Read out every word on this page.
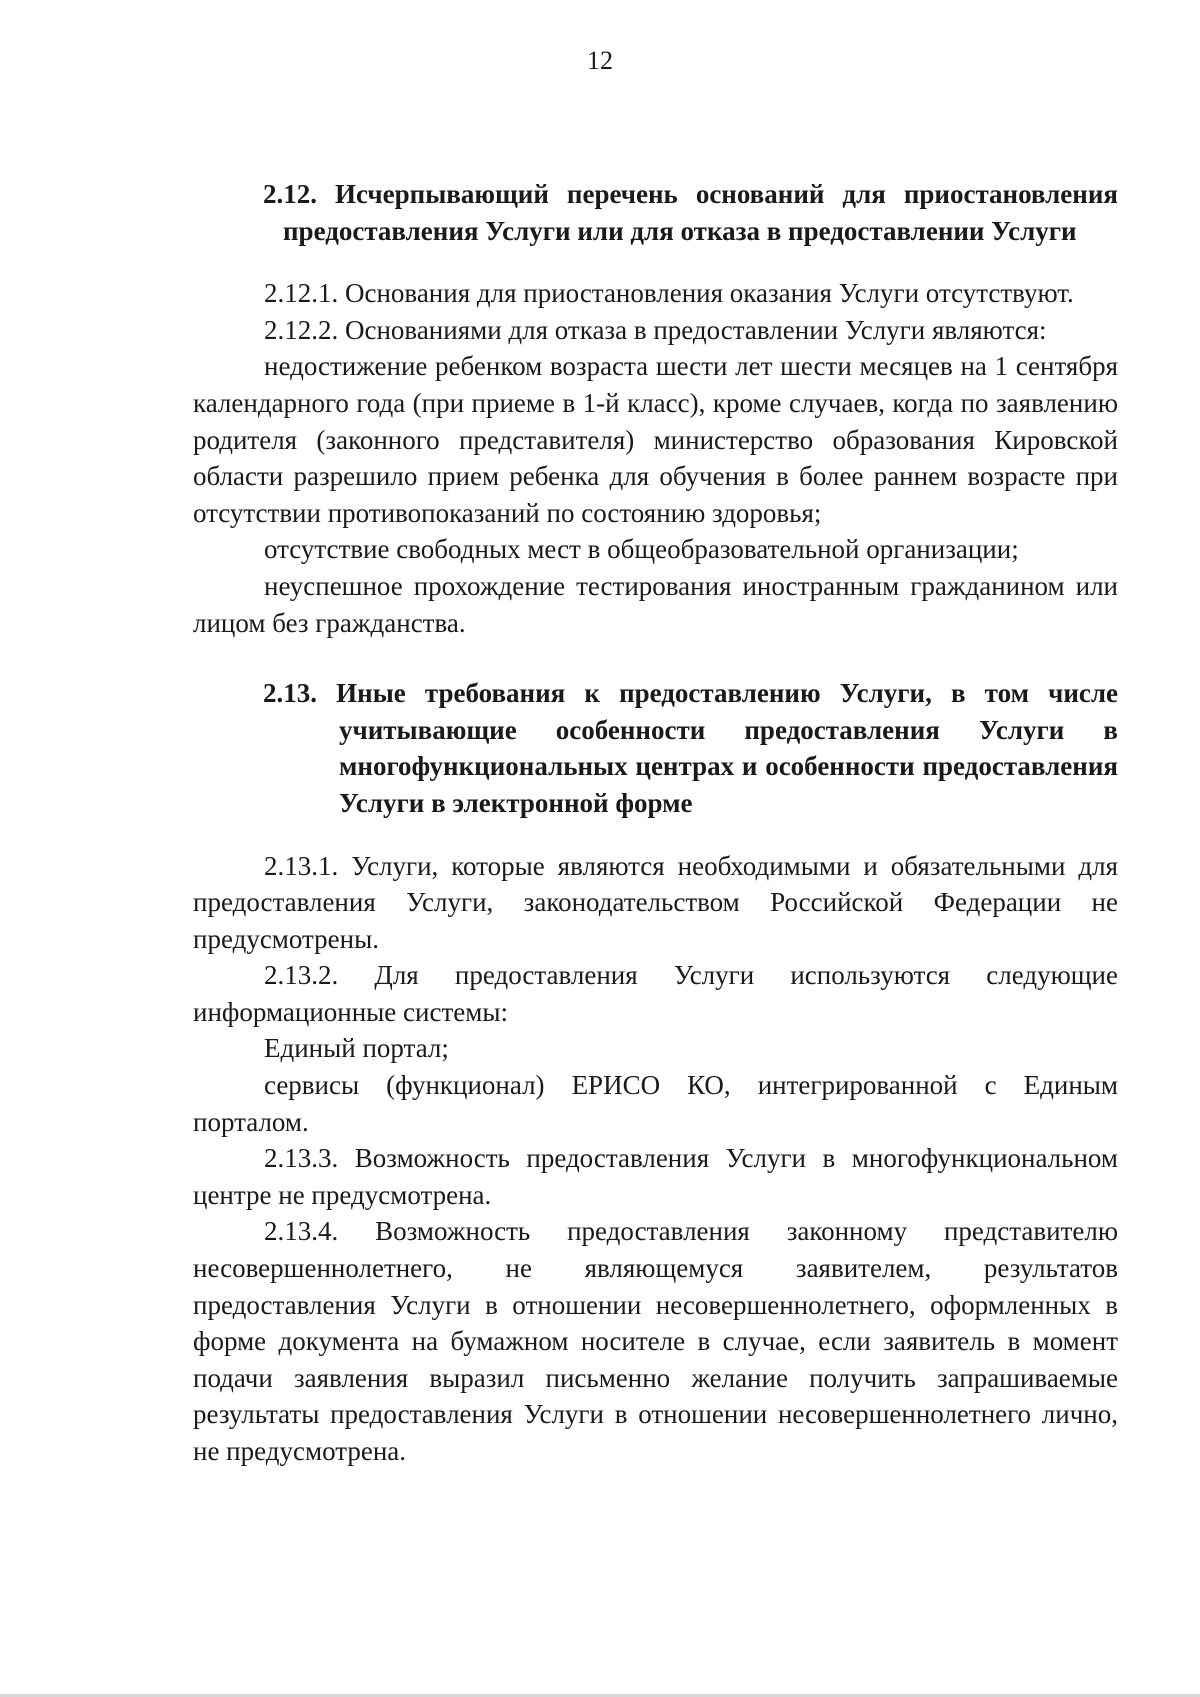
12

2.12. Исчерпывающий перечень оснований для приостановления предоставления Услуги или для отказа в предоставлении Услуги

2.12.1. Основания для приостановления оказания Услуги отсутствуют.

2.12.2. Основаниями для отказа в предоставлении Услуги являются:

недостижение ребенком возраста шести лет шести месяцев на 1 сентября календарного года (при приеме в 1-й класс), кроме случаев, когда по заявлению родителя (законного представителя) министерство образования Кировской области разрешило прием ребенка для обучения в более раннем возрасте при отсутствии противопоказаний по состоянию здоровья;

отсутствие свободных мест в общеобразовательной организации;

неуспешное прохождение тестирования иностранным гражданином или лицом без гражданства.

2.13. Иные требования к предоставлению Услуги, в том числе учитывающие особенности предоставления Услуги в многофункциональных центрах и особенности предоставления Услуги в электронной форме

2.13.1. Услуги, которые являются необходимыми и обязательными для предоставления Услуги, законодательством Российской Федерации не предусмотрены.

2.13.2. Для предоставления Услуги используются следующие информационные системы:

Единый портал;

сервисы (функционал) ЕРИСО КО, интегрированной с Единым порталом.

2.13.3. Возможность предоставления Услуги в многофункциональном центре не предусмотрена.

2.13.4. Возможность предоставления законному представителю несовершеннолетнего, не являющемуся заявителем, результатов предоставления Услуги в отношении несовершеннолетнего, оформленных в форме документа на бумажном носителе в случае, если заявитель в момент подачи заявления выразил письменно желание получить запрашиваемые результаты предоставления Услуги в отношении несовершеннолетнего лично, не предусмотрена.
